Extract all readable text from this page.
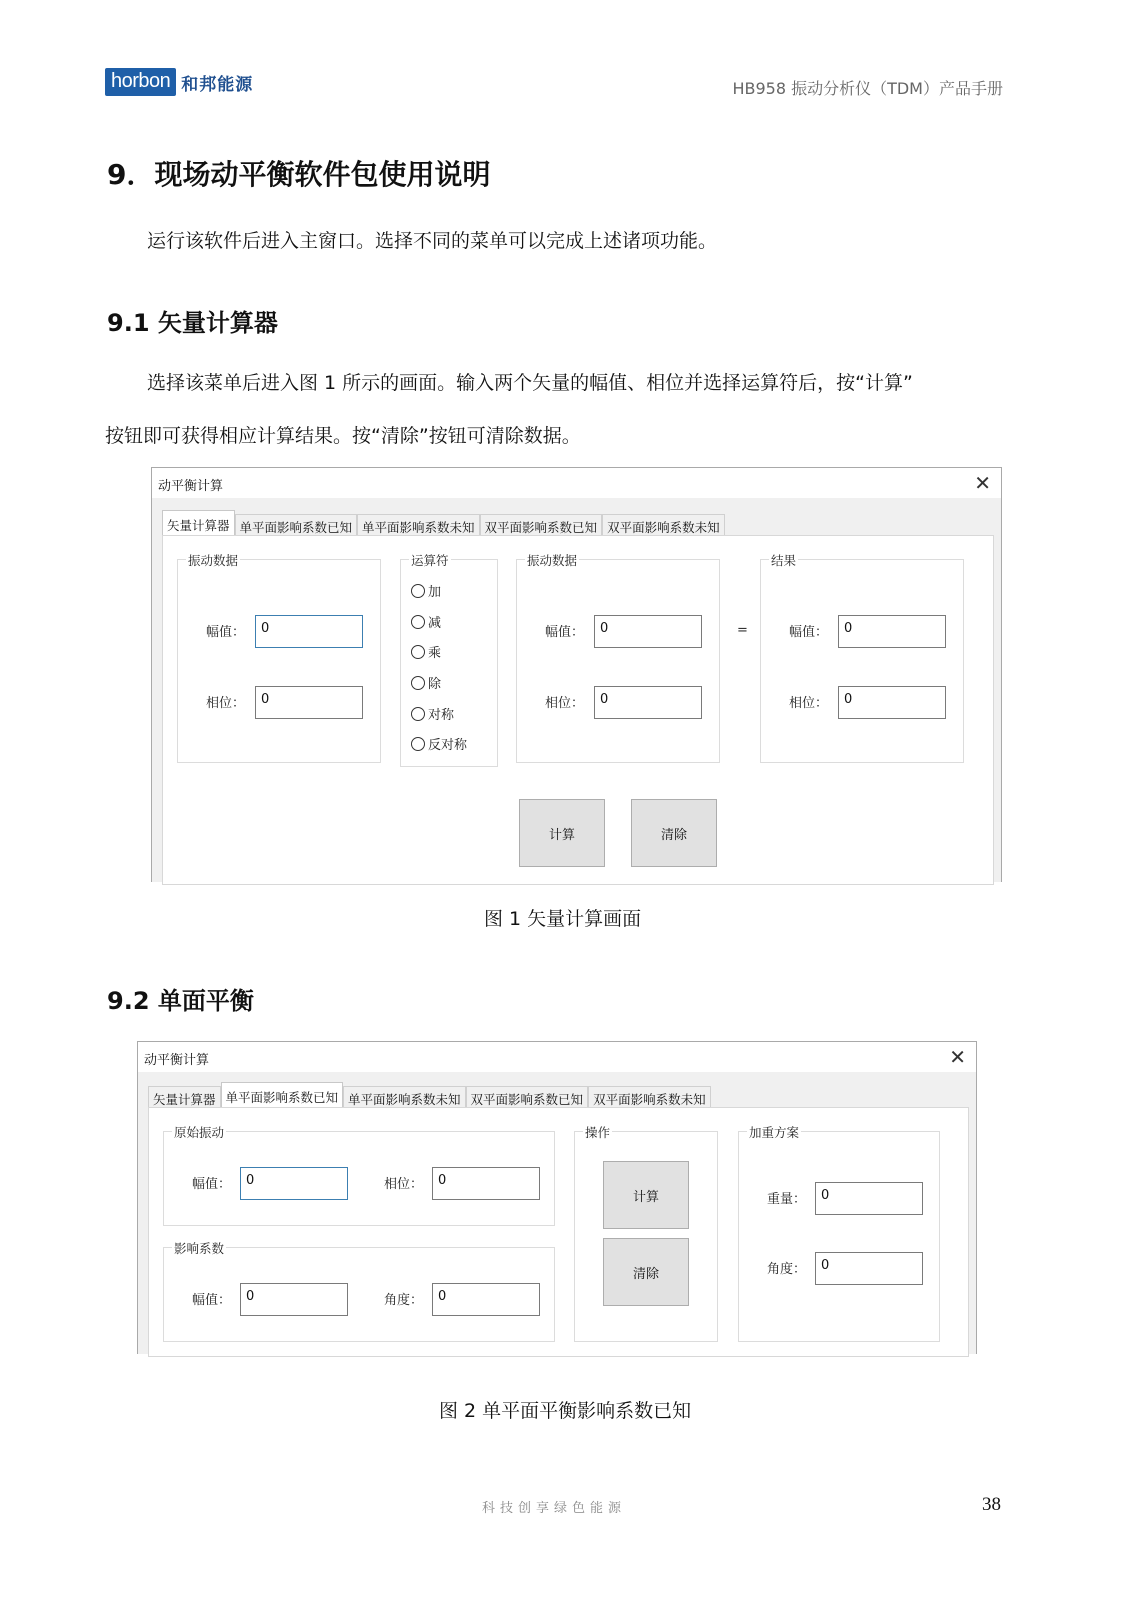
horbon 和邦能源	HB958 振动分析仪（TDM）产品手册
9．现场动平衡软件包使用说明
运行该软件后进入主窗口。选择不同的菜单可以完成上述诸项功能。
9.1 矢量计算器
选择该菜单后进入图 1 所示的画面。输入两个矢量的幅值、相位并选择运算符后，按“计算”
按钮即可获得相应计算结果。按“清除”按钮可清除数据。
动平衡计算	✕
矢量计算器 单平面影响系数已知 单平面影响系数未知 双平面影响系数已知 双平面影响系数未知
振动数据
幅值：	0
相位：	0
运算符
加
减
乘
除
对称
反对称
振动数据
幅值：	0
相位：	0
=
结果
幅值：	0
相位：	0
计算	清除
图 1 矢量计算画面
9.2 单面平衡
动平衡计算	✕
矢量计算器 单平面影响系数已知 单平面影响系数未知 双平面影响系数已知 双平面影响系数未知
原始振动
幅值：	0	相位：	0
影响系数
幅值：	0	角度：	0
操作
计算
清除
加重方案
重量：	0
角度：	0
图 2 单平面平衡影响系数已知
科技创享绿色能源	38
